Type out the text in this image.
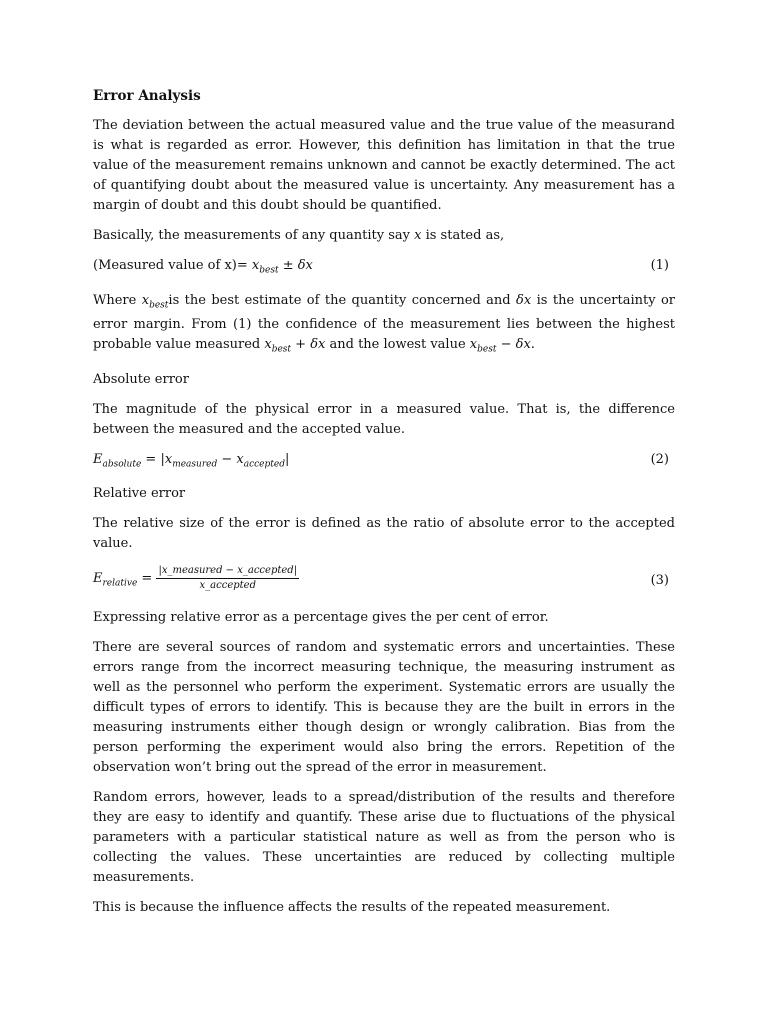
Error Analysis

The deviation between the actual measured value and the true value of the measurand is what is regarded as error. However, this definition has limitation in that the true value of the measurement remains unknown and cannot be exactly determined. The act of quantifying doubt about the measured value is uncertainty. Any measurement has a margin of doubt and this doubt should be quantified.

Basically, the measurements of any quantity say x is stated as,

(Measured value of $x)= x_{best} \pm \delta x$	(1)

Where $x_{best}is$ the best estimate of the quantity concerned and δx is the uncertainty or error margin. From (1) the confidence of the measurement lies between the highest probable value measured $x_{best} + \delta x$ and the lowest value $x_{best} - \delta x$.

Absolute error

The magnitude of the physical error in a measured value. That is, the difference between the measured and the accepted value.

$E_{absolute} = |x_{measured} - x_{accepted}|$	(2)
Relative error

The relative size of the error is defined as the ratio of absolute error to the accepted value.

$E_{relative} = \frac{\text{|x\_measured − x\_accepted|}}{\text{x\_accepted}}$	(3)

Expressing relative error as a percentage gives the per cent of error.

There are several sources of random and systematic errors and uncertainties. These errors range from the incorrect measuring technique, the measuring instrument as well as the personnel who perform the experiment. Systematic errors are usually the difficult types of errors to identify. This is because they are the built in errors in the measuring instruments either though design or wrongly calibration. Bias from the person performing the experiment would also bring the errors. Repetition of the observation won’t bring out the spread of the error in measurement.

Random errors, however, leads to a spread/distribution of the results and therefore they are easy to identify and quantify. These arise due to fluctuations of the physical parameters with a particular statistical nature as well as from the person who is collecting the values. These uncertainties are reduced by collecting multiple measurements.

This is because the influence affects the results of the repeated measurement.
